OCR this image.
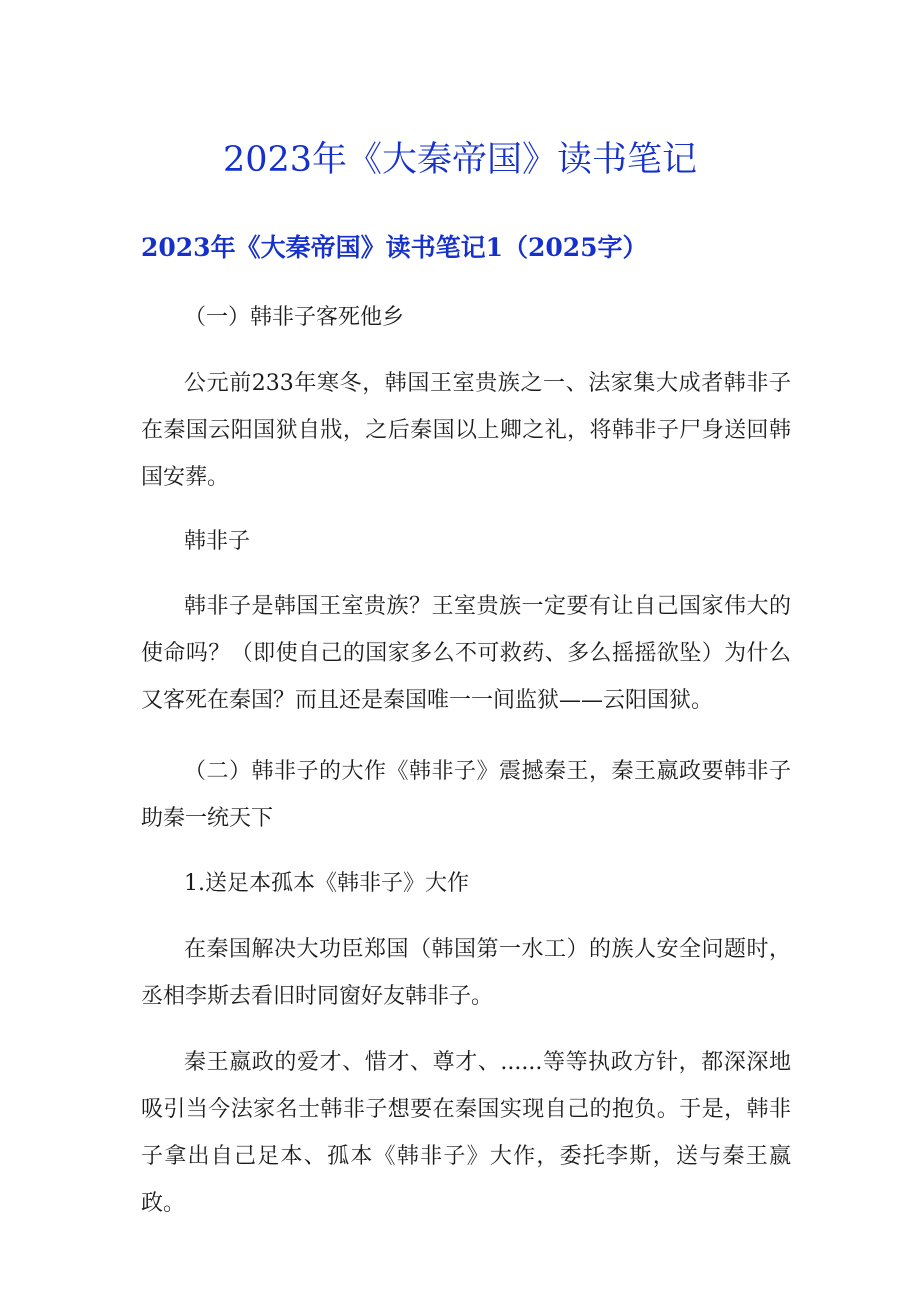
2023年《大秦帝国》读书笔记
2023年《大秦帝国》读书笔记1（2025字）

（一）韩非子客死他乡

公元前233年寒冬，韩国王室贵族之一、法家集大成者韩非子在秦国云阳国狱自戕，之后秦国以上卿之礼，将韩非子尸身送回韩国安葬。

韩非子

韩非子是韩国王室贵族？王室贵族一定要有让自己国家伟大的使命吗？（即使自己的国家多么不可救药、多么摇摇欲坠）为什么又客死在秦国？而且还是秦国唯一一间监狱——云阳国狱。

（二）韩非子的大作《韩非子》震撼秦王，秦王嬴政要韩非子助秦一统天下

1.送足本孤本《韩非子》大作

在秦国解决大功臣郑国（韩国第一水工）的族人安全问题时，丞相李斯去看旧时同窗好友韩非子。

秦王嬴政的爱才、惜才、尊才、......等等执政方针，都深深地吸引当今法家名士韩非子想要在秦国实现自己的抱负。于是，韩非子拿出自己足本、孤本《韩非子》大作，委托李斯，送与秦王嬴政。
